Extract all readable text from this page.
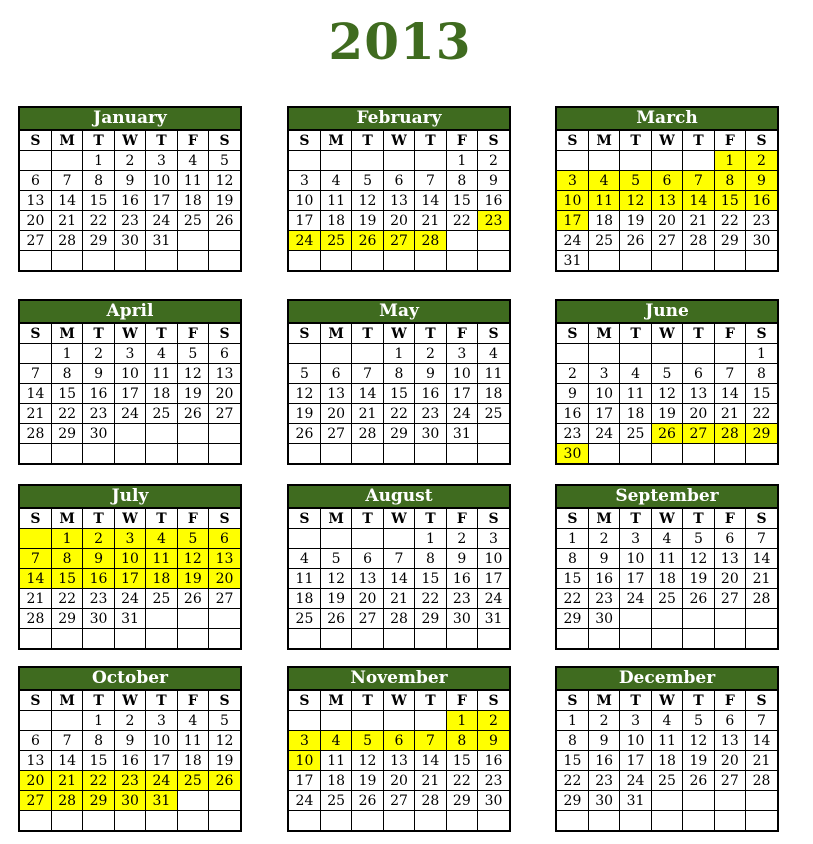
2013
January
S	M	T	W	T	F	S
		1	2	3	4	5
6	7	8	9	10	11	12
13	14	15	16	17	18	19
20	21	22	23	24	25	26
27	28	29	30	31		

February
S	M	T	W	T	F	S
					1	2
3	4	5	6	7	8	9
10	11	12	13	14	15	16
17	18	19	20	21	22	23
24	25	26	27	28		

March
S	M	T	W	T	F	S
					1	2
3	4	5	6	7	8	9
10	11	12	13	14	15	16
17	18	19	20	21	22	23
24	25	26	27	28	29	30
31						
April
S	M	T	W	T	F	S
	1	2	3	4	5	6
7	8	9	10	11	12	13
14	15	16	17	18	19	20
21	22	23	24	25	26	27
28	29	30				

May
S	M	T	W	T	F	S
			1	2	3	4
5	6	7	8	9	10	11
12	13	14	15	16	17	18
19	20	21	22	23	24	25
26	27	28	29	30	31	

June
S	M	T	W	T	F	S
						1
2	3	4	5	6	7	8
9	10	11	12	13	14	15
16	17	18	19	20	21	22
23	24	25	26	27	28	29
30						
July
S	M	T	W	T	F	S
	1	2	3	4	5	6
7	8	9	10	11	12	13
14	15	16	17	18	19	20
21	22	23	24	25	26	27
28	29	30	31			

August
S	M	T	W	T	F	S
				1	2	3
4	5	6	7	8	9	10
11	12	13	14	15	16	17
18	19	20	21	22	23	24
25	26	27	28	29	30	31

September
S	M	T	W	T	F	S
1	2	3	4	5	6	7
8	9	10	11	12	13	14
15	16	17	18	19	20	21
22	23	24	25	26	27	28
29	30					

October
S	M	T	W	T	F	S
		1	2	3	4	5
6	7	8	9	10	11	12
13	14	15	16	17	18	19
20	21	22	23	24	25	26
27	28	29	30	31		

November
S	M	T	W	T	F	S
					1	2
3	4	5	6	7	8	9
10	11	12	13	14	15	16
17	18	19	20	21	22	23
24	25	26	27	28	29	30

December
S	M	T	W	T	F	S
1	2	3	4	5	6	7
8	9	10	11	12	13	14
15	16	17	18	19	20	21
22	23	24	25	26	27	28
29	30	31				
